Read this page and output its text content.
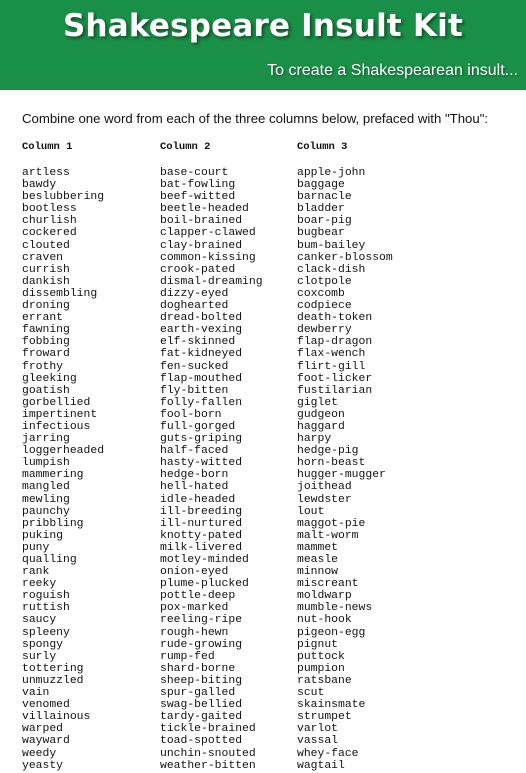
Shakespeare Insult Kit
To create a Shakespearean insult...
Combine one word from each of the three columns below, prefaced with "Thou":
Column 1
artless
bawdy
beslubbering
bootless
churlish
cockered
clouted
craven
currish
dankish
dissembling
droning
errant
fawning
fobbing
froward
frothy
gleeking
goatish
gorbellied
impertinent
infectious
jarring
loggerheaded
lumpish
mammering
mangled
mewling
paunchy
pribbling
puking
puny
qualling
rank
reeky
roguish
ruttish
saucy
spleeny
spongy
surly
tottering
unmuzzled
vain
venomed
villainous
warped
wayward
weedy
yeasty
Column 2
base-court
bat-fowling
beef-witted
beetle-headed
boil-brained
clapper-clawed
clay-brained
common-kissing
crook-pated
dismal-dreaming
dizzy-eyed
doghearted
dread-bolted
earth-vexing
elf-skinned
fat-kidneyed
fen-sucked
flap-mouthed
fly-bitten
folly-fallen
fool-born
full-gorged
guts-griping
half-faced
hasty-witted
hedge-born
hell-hated
idle-headed
ill-breeding
ill-nurtured
knotty-pated
milk-livered
motley-minded
onion-eyed
plume-plucked
pottle-deep
pox-marked
reeling-ripe
rough-hewn
rude-growing
rump-fed
shard-borne
sheep-biting
spur-galled
swag-bellied
tardy-gaited
tickle-brained
toad-spotted
unchin-snouted
weather-bitten
Column 3
apple-john
baggage
barnacle
bladder
boar-pig
bugbear
bum-bailey
canker-blossom
clack-dish
clotpole
coxcomb
codpiece
death-token
dewberry
flap-dragon
flax-wench
flirt-gill
foot-licker
fustilarian
giglet
gudgeon
haggard
harpy
hedge-pig
horn-beast
hugger-mugger
joithead
lewdster
lout
maggot-pie
malt-worm
mammet
measle
minnow
miscreant
moldwarp
mumble-news
nut-hook
pigeon-egg
pignut
puttock
pumpion
ratsbane
scut
skainsmate
strumpet
varlot
vassal
whey-face
wagtail
